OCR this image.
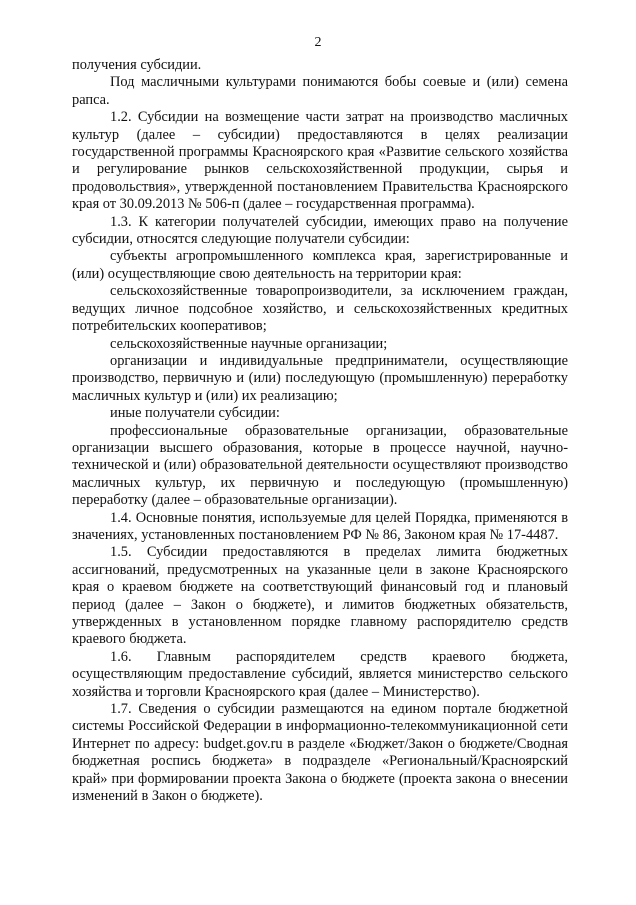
2

получения субсидии.

Под масличными культурами понимаются бобы соевые и (или) семена рапса.

1.2. Субсидии на возмещение части затрат на производство масличных культур (далее – субсидии) предоставляются в целях реализации государственной программы Красноярского края «Развитие сельского хозяйства и регулирование рынков сельскохозяйственной продукции, сырья и продовольствия», утвержденной постановлением Правительства Красноярского края от 30.09.2013 № 506-п (далее – государственная программа).

1.3. К категории получателей субсидии, имеющих право на получение субсидии, относятся следующие получатели субсидии:

субъекты агропромышленного комплекса края, зарегистрированные и (или) осуществляющие свою деятельность на территории края:

сельскохозяйственные товаропроизводители, за исключением граждан, ведущих личное подсобное хозяйство, и сельскохозяйственных кредитных потребительских кооперативов;

сельскохозяйственные научные организации;

организации и индивидуальные предприниматели, осуществляющие производство, первичную и (или) последующую (промышленную) переработку масличных культур и (или) их реализацию;

иные получатели субсидии:

профессиональные образовательные организации, образовательные организации высшего образования, которые в процессе научной, научно-технической и (или) образовательной деятельности осуществляют производство масличных культур, их первичную и последующую (промышленную) переработку (далее – образовательные организации).

1.4. Основные понятия, используемые для целей Порядка, применяются в значениях, установленных постановлением РФ № 86, Законом края № 17-4487.

1.5. Субсидии предоставляются в пределах лимита бюджетных ассигнований, предусмотренных на указанные цели в законе Красноярского края о краевом бюджете на соответствующий финансовый год и плановый период (далее – Закон о бюджете), и лимитов бюджетных обязательств, утвержденных в установленном порядке главному распорядителю средств краевого бюджета.

1.6. Главным распорядителем средств краевого бюджета, осуществляющим предоставление субсидий, является министерство сельского хозяйства и торговли Красноярского края (далее – Министерство).

1.7. Сведения о субсидии размещаются на едином портале бюджетной системы Российской Федерации в информационно-телекоммуникационной сети Интернет по адресу: budget.gov.ru в разделе «Бюджет/Закон о бюджете/Сводная бюджетная роспись бюджета» в подразделе «Региональный/Красноярский край» при формировании проекта Закона о бюджете (проекта закона о внесении изменений в Закон о бюджете).
